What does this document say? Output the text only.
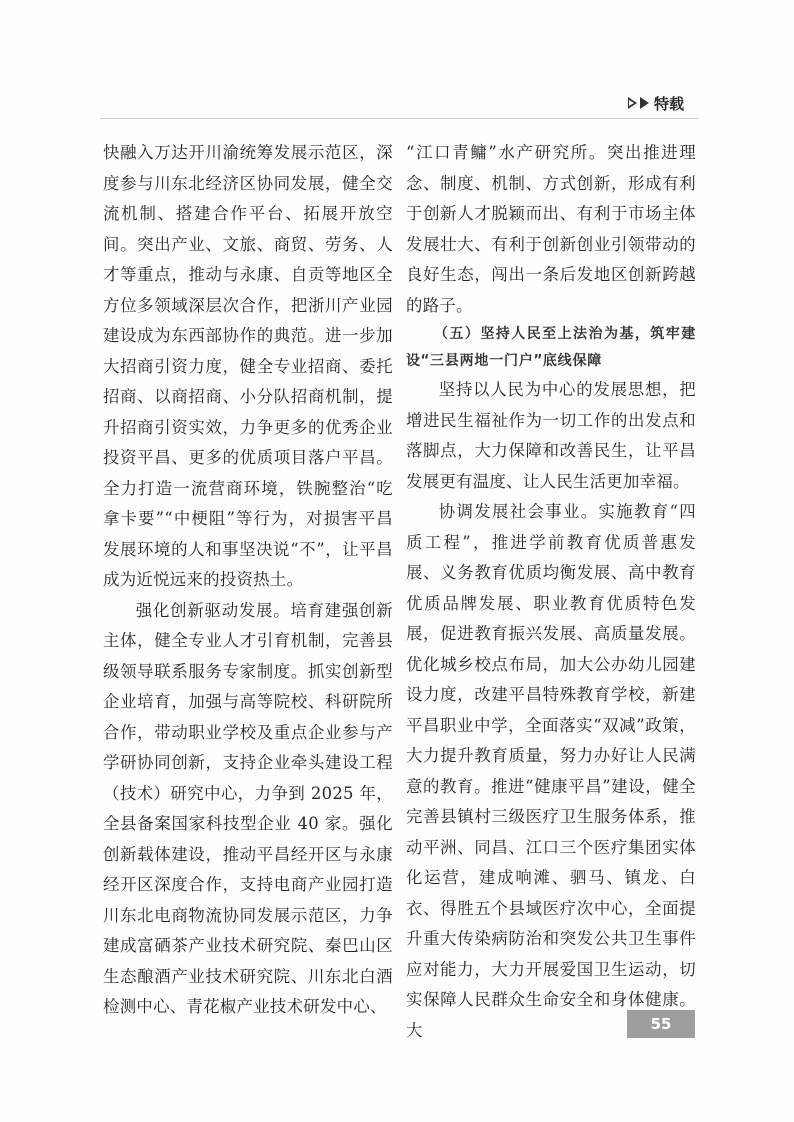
特载

快融入万达开川渝统筹发展示范区，深度参与川东北经济区协同发展，健全交流机制、搭建合作平台、拓展开放空间。突出产业、文旅、商贸、劳务、人才等重点，推动与永康、自贡等地区全方位多领域深层次合作，把浙川产业园建设成为东西部协作的典范。进一步加大招商引资力度，健全专业招商、委托招商、以商招商、小分队招商机制，提升招商引资实效，力争更多的优秀企业投资平昌、更多的优质项目落户平昌。全力打造一流营商环境，铁腕整治“吃拿卡要”“中梗阻”等行为，对损害平昌发展环境的人和事坚决说“不”，让平昌成为近悦远来的投资热土。

强化创新驱动发展。培育建强创新主体，健全专业人才引育机制，完善县级领导联系服务专家制度。抓实创新型企业培育，加强与高等院校、科研院所合作，带动职业学校及重点企业参与产学研协同创新，支持企业牵头建设工程（技术）研究中心，力争到 2025 年，全县备案国家科技型企业 40 家。强化创新载体建设，推动平昌经开区与永康经开区深度合作，支持电商产业园打造川东北电商物流协同发展示范区，力争建成富硒茶产业技术研究院、秦巴山区生态酿酒产业技术研究院、川东北白酒检测中心、青花椒产业技术研发中心、

“江口青鳙”水产研究所。突出推进理念、制度、机制、方式创新，形成有利于创新人才脱颖而出、有利于市场主体发展壮大、有利于创新创业引领带动的良好生态，闯出一条后发地区创新跨越的路子。

（五）坚持人民至上法治为基，筑牢建设“三县两地一门户”底线保障

坚持以人民为中心的发展思想，把增进民生福祉作为一切工作的出发点和落脚点，大力保障和改善民生，让平昌发展更有温度、让人民生活更加幸福。

协调发展社会事业。实施教育“四质工程”，推进学前教育优质普惠发展、义务教育优质均衡发展、高中教育优质品牌发展、职业教育优质特色发展，促进教育振兴发展、高质量发展。优化城乡校点布局，加大公办幼儿园建设力度，改建平昌特殊教育学校，新建平昌职业中学，全面落实“双减”政策，大力提升教育质量，努力办好让人民满意的教育。推进“健康平昌”建设，健全完善县镇村三级医疗卫生服务体系，推动平洲、同昌、江口三个医疗集团实体化运营，建成响滩、驷马、镇龙、白衣、得胜五个县域医疗次中心，全面提升重大传染病防治和突发公共卫生事件应对能力，大力开展爱国卫生运动，切实保障人民群众生命安全和身体健康。大	55
